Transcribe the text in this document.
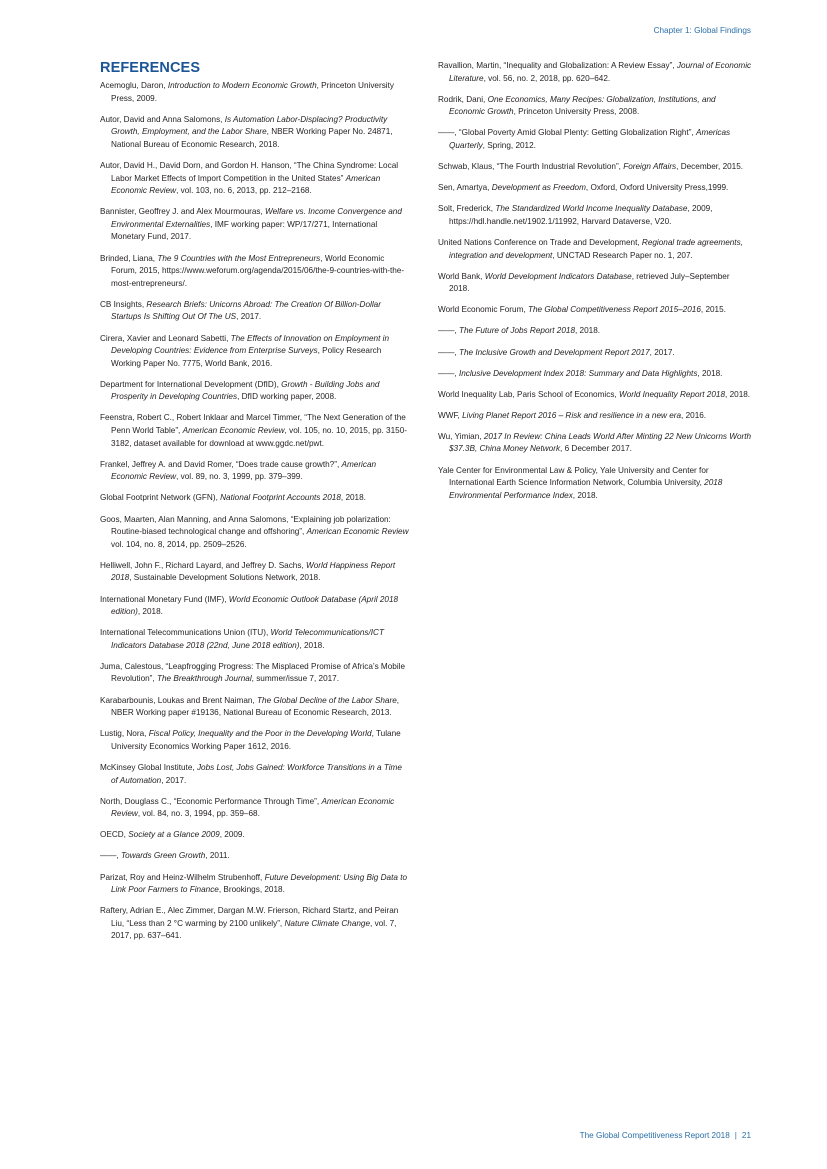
Chapter 1: Global Findings
REFERENCES

Acemoglu, Daron, Introduction to Modern Economic Growth, Princeton University Press, 2009.

Autor, David and Anna Salomons, Is Automation Labor-Displacing? Productivity Growth, Employment, and the Labor Share, NBER Working Paper No. 24871, National Bureau of Economic Research, 2018.

Autor, David H., David Dorn, and Gordon H. Hanson, “The China Syndrome: Local Labor Market Effects of Import Competition in the United States” American Economic Review, vol. 103, no. 6, 2013, pp. 212–2168.

Bannister, Geoffrey J. and Alex Mourmouras, Welfare vs. Income Convergence and Environmental Externalities, IMF working paper: WP/17/271, International Monetary Fund, 2017.

Brinded, Liana, The 9 Countries with the Most Entrepreneurs, World Economic Forum, 2015, https://www.weforum.org/agenda/2015/06/the-9-countries-with-the-most-entrepreneurs/.

CB Insights, Research Briefs: Unicorns Abroad: The Creation Of Billion-Dollar Startups Is Shifting Out Of The US, 2017.

Cirera, Xavier and Leonard Sabetti, The Effects of Innovation on Employment in Developing Countries: Evidence from Enterprise Surveys, Policy Research Working Paper No. 7775, World Bank, 2016.

Department for International Development (DfID), Growth - Building Jobs and Prosperity in Developing Countries, DfID working paper, 2008.

Feenstra, Robert C., Robert Inklaar and Marcel Timmer, “The Next Generation of the Penn World Table”, American Economic Review, vol. 105, no. 10, 2015, pp. 3150-3182, dataset available for download at www.ggdc.net/pwt.

Frankel, Jeffrey A. and David Romer, “Does trade cause growth?”, American Economic Review, vol. 89, no. 3, 1999, pp. 379–399.

Global Footprint Network (GFN), National Footprint Accounts 2018, 2018.

Goos, Maarten, Alan Manning, and Anna Salomons, “Explaining job polarization: Routine-biased technological change and offshoring”, American Economic Review vol. 104, no. 8, 2014, pp. 2509–2526.

Helliwell, John F., Richard Layard, and Jeffrey D. Sachs, World Happiness Report 2018, Sustainable Development Solutions Network, 2018.

International Monetary Fund (IMF), World Economic Outlook Database (April 2018 edition), 2018.

International Telecommunications Union (ITU), World Telecommunications/ICT Indicators Database 2018 (22nd, June 2018 edition), 2018.

Juma, Calestous, “Leapfrogging Progress: The Misplaced Promise of Africa’s Mobile Revolution”, The Breakthrough Journal, summer/issue 7, 2017.

Karabarbounis, Loukas and Brent Naiman, The Global Decline of the Labor Share, NBER Working paper #19136, National Bureau of Economic Research, 2013.

Lustig, Nora, Fiscal Policy, Inequality and the Poor in the Developing World, Tulane University Economics Working Paper 1612, 2016.

McKinsey Global Institute, Jobs Lost, Jobs Gained: Workforce Transitions in a Time of Automation, 2017.

North, Douglass C., “Economic Performance Through Time”, American Economic Review, vol. 84, no. 3, 1994, pp. 359–68.

OECD, Society at a Glance 2009, 2009.

——, Towards Green Growth, 2011.

Parizat, Roy and Heinz-Wilhelm Strubenhoff, Future Development: Using Big Data to Link Poor Farmers to Finance, Brookings, 2018.

Raftery, Adrian E., Alec Zimmer, Dargan M.W. Frierson, Richard Startz, and Peiran Liu, “Less than 2 °C warming by 2100 unlikely”, Nature Climate Change, vol. 7, 2017, pp. 637–641.

Ravallion, Martin, “Inequality and Globalization: A Review Essay”, Journal of Economic Literature, vol. 56, no. 2, 2018, pp. 620–642.

Rodrik, Dani, One Economics, Many Recipes: Globalization, Institutions, and Economic Growth, Princeton University Press, 2008.

——, “Global Poverty Amid Global Plenty: Getting Globalization Right”, Americas Quarterly, Spring, 2012.

Schwab, Klaus, “The Fourth Industrial Revolution”, Foreign Affairs, December, 2015.

Sen, Amartya, Development as Freedom, Oxford, Oxford University Press,1999.

Solt, Frederick, The Standardized World Income Inequality Database, 2009, https://hdl.handle.net/1902.1/11992, Harvard Dataverse, V20.

United Nations Conference on Trade and Development, Regional trade agreements, integration and development, UNCTAD Research Paper no. 1, 207.

World Bank, World Development Indicators Database, retrieved July–September 2018.

World Economic Forum, The Global Competitiveness Report 2015–2016, 2015.

——, The Future of Jobs Report 2018, 2018.

——, The Inclusive Growth and Development Report 2017, 2017.

——, Inclusive Development Index 2018: Summary and Data Highlights, 2018.

World Inequality Lab, Paris School of Economics, World Inequality Report 2018, 2018.

WWF, Living Planet Report 2016 – Risk and resilience in a new era, 2016.

Wu, Yimian, 2017 In Review: China Leads World After Minting 22 New Unicorns Worth $37.3B, China Money Network, 6 December 2017.

Yale Center for Environmental Law & Policy, Yale University and Center for International Earth Science Information Network, Columbia University, 2018 Environmental Performance Index, 2018.

The Global Competitiveness Report 2018 | 21
